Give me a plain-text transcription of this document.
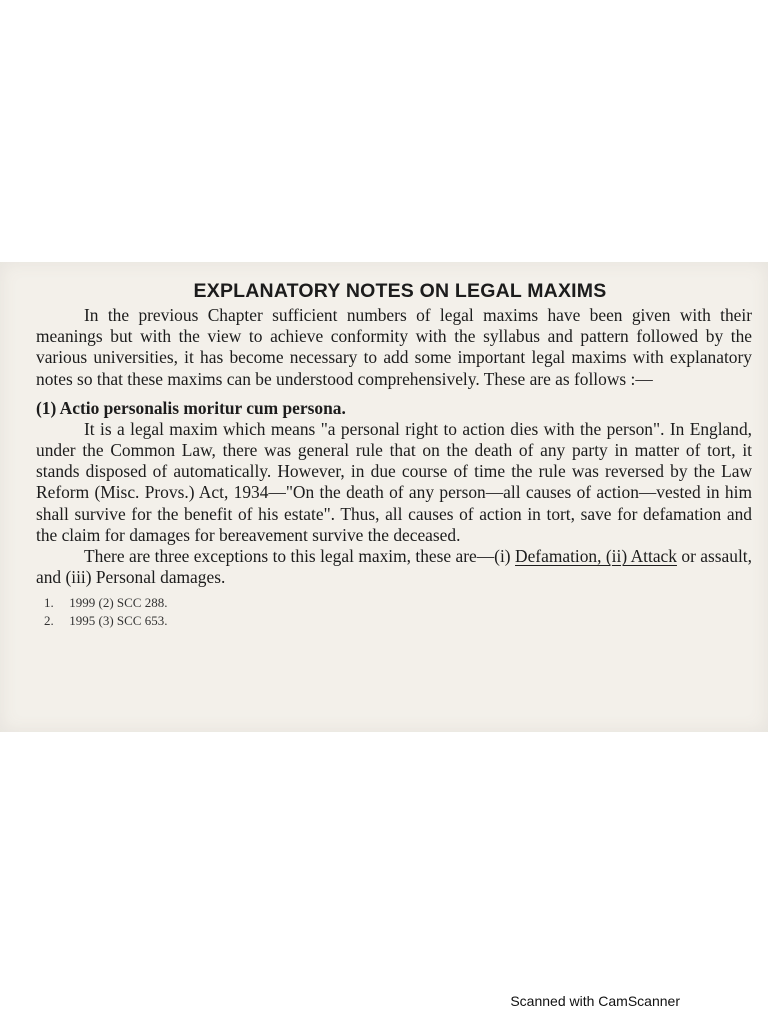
EXPLANATORY NOTES ON LEGAL MAXIMS

In the previous Chapter sufficient numbers of legal maxims have been given with their meanings but with the view to achieve conformity with the syllabus and pattern followed by the various universities, it has become necessary to add some important legal maxims with explanatory notes so that these maxims can be understood comprehensively. These are as follows :—

(1) Actio personalis moritur cum persona.

It is a legal maxim which means "a personal right to action dies with the person". In England, under the Common Law, there was general rule that on the death of any party in matter of tort, it stands disposed of automatically. However, in due course of time the rule was reversed by the Law Reform (Misc. Provs.) Act, 1934—"On the death of any person—all causes of action—vested in him shall survive for the benefit of his estate". Thus, all causes of action in tort, save for defamation and the claim for damages for bereavement survive the deceased.

There are three exceptions to this legal maxim, these are—(i) Defamation, (ii) Attack or assault, and (iii) Personal damages.

1. 1999 (2) SCC 288.

2. 1995 (3) SCC 653.

Scanned with CamScanner
